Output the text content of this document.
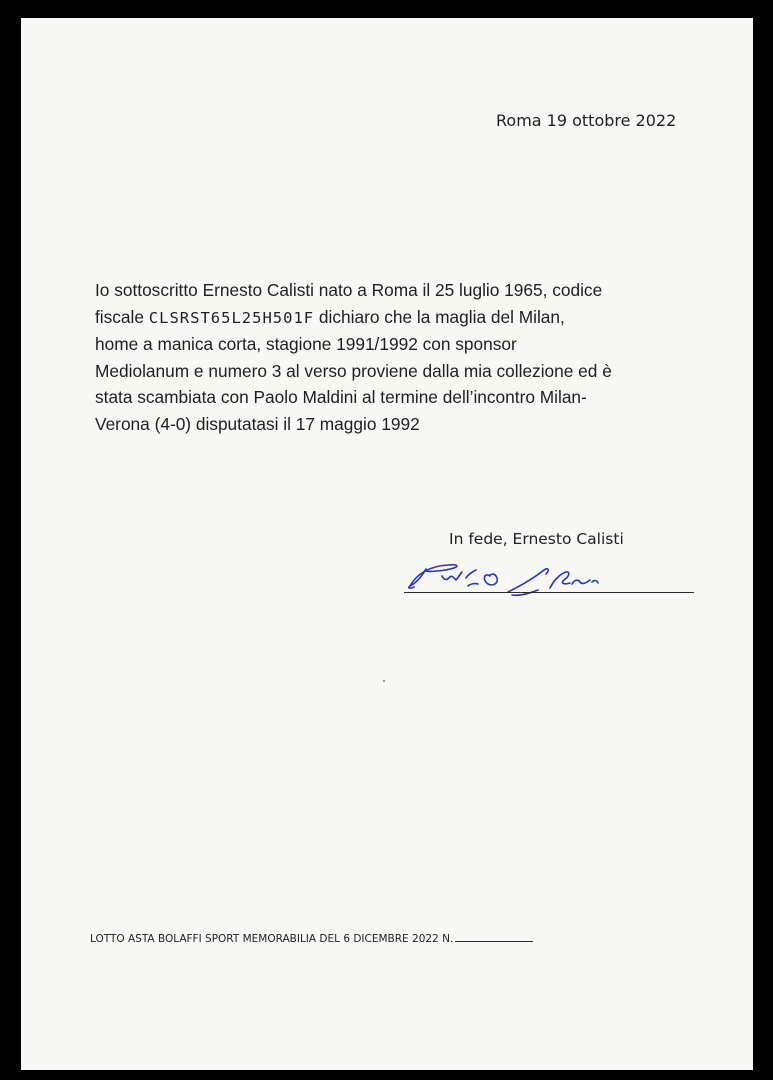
Roma 19 ottobre 2022
Io sottoscritto Ernesto Calisti nato a Roma il 25 luglio 1965, codice
fiscale CLSRST65L25H501F dichiaro che la maglia del Milan,
home a manica corta, stagione 1991/1992 con sponsor
Mediolanum e numero 3 al verso proviene dalla mia collezione ed è
stata scambiata con Paolo Maldini al termine dell’incontro Milan-
Verona (4-0) disputatasi il 17 maggio 1992
In fede, Ernesto Calisti
LOTTO ASTA BOLAFFI SPORT MEMORABILIA DEL 6 DICEMBRE 2022 N.
